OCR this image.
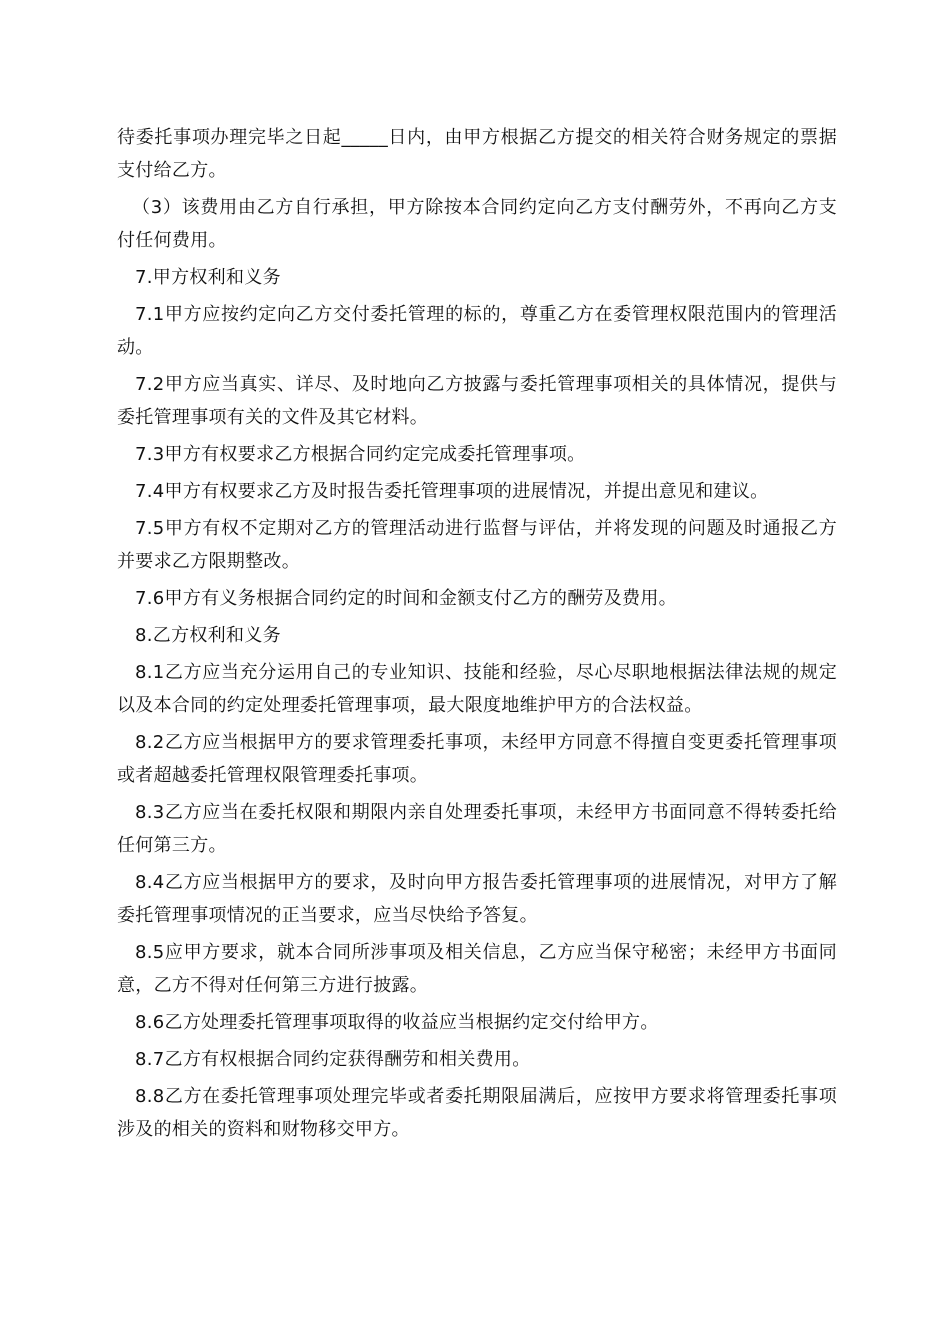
待委托事项办理完毕之日起_____日内，由甲方根据乙方提交的相关符合财务规定的票据支付给乙方。

（3）该费用由乙方自行承担，甲方除按本合同约定向乙方支付酬劳外，不再向乙方支付任何费用。

7.甲方权利和义务

7.1甲方应按约定向乙方交付委托管理的标的，尊重乙方在委管理权限范围内的管理活动。

7.2甲方应当真实、详尽、及时地向乙方披露与委托管理事项相关的具体情况，提供与委托管理事项有关的文件及其它材料。

7.3甲方有权要求乙方根据合同约定完成委托管理事项。

7.4甲方有权要求乙方及时报告委托管理事项的进展情况，并提出意见和建议。

7.5甲方有权不定期对乙方的管理活动进行监督与评估，并将发现的问题及时通报乙方并要求乙方限期整改。

7.6甲方有义务根据合同约定的时间和金额支付乙方的酬劳及费用。

8.乙方权利和义务

8.1乙方应当充分运用自己的专业知识、技能和经验，尽心尽职地根据法律法规的规定以及本合同的约定处理委托管理事项，最大限度地维护甲方的合法权益。

8.2乙方应当根据甲方的要求管理委托事项，未经甲方同意不得擅自变更委托管理事项或者超越委托管理权限管理委托事项。

8.3乙方应当在委托权限和期限内亲自处理委托事项，未经甲方书面同意不得转委托给任何第三方。

8.4乙方应当根据甲方的要求，及时向甲方报告委托管理事项的进展情况，对甲方了解委托管理事项情况的正当要求，应当尽快给予答复。

8.5应甲方要求，就本合同所涉事项及相关信息，乙方应当保守秘密；未经甲方书面同意，乙方不得对任何第三方进行披露。

8.6乙方处理委托管理事项取得的收益应当根据约定交付给甲方。

8.7乙方有权根据合同约定获得酬劳和相关费用。

8.8乙方在委托管理事项处理完毕或者委托期限届满后，应按甲方要求将管理委托事项涉及的相关的资料和财物移交甲方。
